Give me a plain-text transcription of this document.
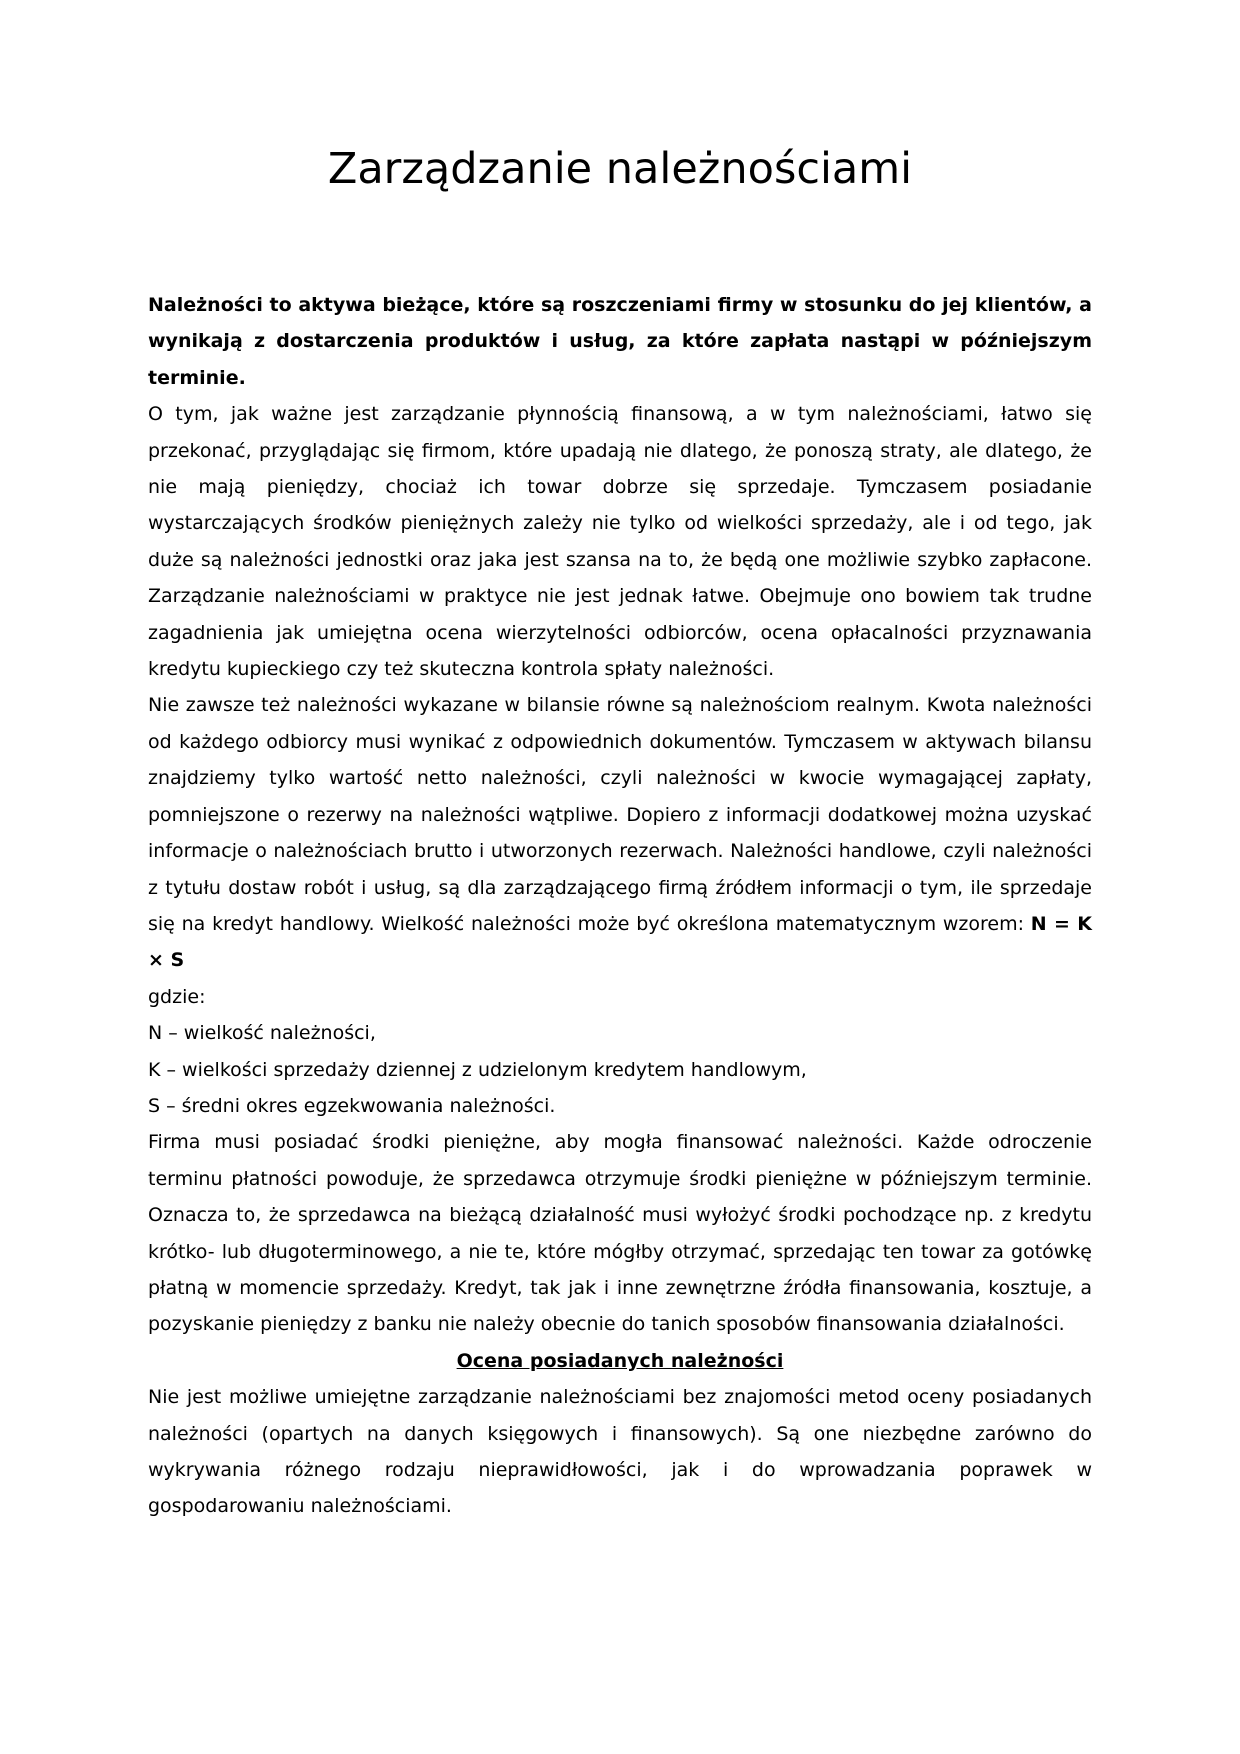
Zarządzanie należnościami

Należności to aktywa bieżące, które są roszczeniami firmy w stosunku do jej klientów, a wynikają z dostarczenia produktów i usług, za które zapłata nastąpi w późniejszym terminie.

O tym, jak ważne jest zarządzanie płynnością finansową, a w tym należnościami, łatwo się przekonać, przyglądając się firmom, które upadają nie dlatego, że ponoszą straty, ale dlatego, że nie mają pieniędzy, chociaż ich towar dobrze się sprzedaje. Tymczasem posiadanie wystarczających środków pieniężnych zależy nie tylko od wielkości sprzedaży, ale i od tego, jak duże są należności jednostki oraz jaka jest szansa na to, że będą one możliwie szybko zapłacone. Zarządzanie należnościami w praktyce nie jest jednak łatwe. Obejmuje ono bowiem tak trudne zagadnienia jak umiejętna ocena wierzytelności odbiorców, ocena opłacalności przyznawania kredytu kupieckiego czy też skuteczna kontrola spłaty należności.

Nie zawsze też należności wykazane w bilansie równe są należnościom realnym. Kwota należności od każdego odbiorcy musi wynikać z odpowiednich dokumentów. Tymczasem w aktywach bilansu znajdziemy tylko wartość netto należności, czyli należności w kwocie wymagającej zapłaty, pomniejszone o rezerwy na należności wątpliwe. Dopiero z informacji dodatkowej można uzyskać informacje o należnościach brutto i utworzonych rezerwach. Należności handlowe, czyli należności z tytułu dostaw robót i usług, są dla zarządzającego firmą źródłem informacji o tym, ile sprzedaje się na kredyt handlowy. Wielkość należności może być określona matematycznym wzorem: N = K × S

gdzie:

N – wielkość należności,

K – wielkości sprzedaży dziennej z udzielonym kredytem handlowym,

S – średni okres egzekwowania należności.

Firma musi posiadać środki pieniężne, aby mogła finansować należności. Każde odroczenie terminu płatności powoduje, że sprzedawca otrzymuje środki pieniężne w późniejszym terminie. Oznacza to, że sprzedawca na bieżącą działalność musi wyłożyć środki pochodzące np. z kredytu krótko- lub długoterminowego, a nie te, które mógłby otrzymać, sprzedając ten towar za gotówkę płatną w momencie sprzedaży. Kredyt, tak jak i inne zewnętrzne źródła finansowania, kosztuje, a pozyskanie pieniędzy z banku nie należy obecnie do tanich sposobów finansowania działalności.

Ocena posiadanych należności

Nie jest możliwe umiejętne zarządzanie należnościami bez znajomości metod oceny posiadanych należności (opartych na danych księgowych i finansowych). Są one niezbędne zarówno do wykrywania różnego rodzaju nieprawidłowości, jak i do wprowadzania poprawek w gospodarowaniu należnościami.
